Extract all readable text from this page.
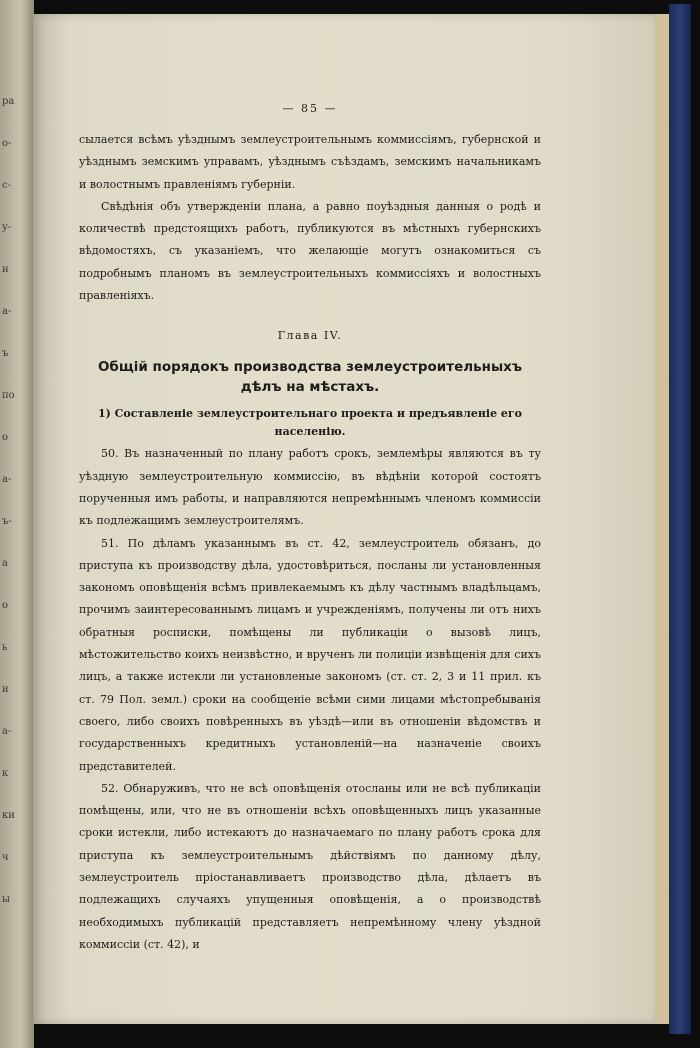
ра
о-
с-
у-
н
а-
ъ
по
о
а-
ъ-
а
о
ь
и
а-
к
ки
ч
ы
— 85 —

сылается всѣмъ уѣзднымъ землеустроительнымъ коммиссіямъ, губернской и уѣзднымъ земскимъ управамъ, уѣзднымъ съѣздамъ, земскимъ начальникамъ и волостнымъ правленіямъ губерніи.

Свѣдѣнія объ утвержденіи плана, а равно поуѣздныя данныя о родѣ и количествѣ предстоящихъ работъ, публикуются въ мѣстныхъ губернскихъ вѣдомостяхъ, съ указаніемъ, что желающіе могутъ ознакомиться съ подробнымъ планомъ въ землеустроительныхъ коммиссіяхъ и волостныхъ правленіяхъ.

Глава IV.
Общій порядокъ производства землеустроительныхъ дѣлъ на мѣстахъ.
1) Составленіе землеустроительнаго проекта и предъявленіе его населенію.

50. Въ назначенный по плану работъ срокъ, землемѣры являются въ ту уѣздную землеустроительную коммиссію, въ вѣдѣніи которой состоятъ порученныя имъ работы, и направляются непремѣннымъ членомъ коммиссіи къ подлежащимъ землеустроителямъ.

51. По дѣламъ указаннымъ въ ст. 42, землеустроитель обязанъ, до приступа къ производству дѣла, удостовѣриться, посланы ли установленныя закономъ оповѣщенія всѣмъ привлекаемымъ къ дѣлу частнымъ владѣльцамъ, прочимъ заинтересованнымъ лицамъ и учрежденіямъ, получены ли отъ нихъ обратныя росписки, помѣщены ли публикаціи о вызовѣ лицъ, мѣстожительство коихъ неизвѣстно, и врученъ ли полиціи извѣщенія для сихъ лицъ, а также истекли ли установленые закономъ (ст. ст. 2, 3 и 11 прил. къ ст. 79 Пол. земл.) сроки на сообщеніе всѣми сими лицами мѣстопребыванія своего, либо своихъ повѣренныхъ въ уѣздѣ—или въ отношеніи вѣдомствъ и государственныхъ кредитныхъ установленій—на назначеніе своихъ представителей.

52. Обнаруживъ, что не всѣ оповѣщенія отосланы или не всѣ публикаціи помѣщены, или, что не въ отношеніи всѣхъ оповѣщенныхъ лицъ указанные сроки истекли, либо истекаютъ до назначаемаго по плану работъ срока для приступа къ землеустроительнымъ дѣйствіямъ по данному дѣлу, землеустроитель пріостанавливаетъ производство дѣла, дѣлаетъ въ подлежащихъ случаяхъ упущенныя оповѣщенія, а о производствѣ необходимыхъ публикацій представляетъ непремѣнному члену уѣздной коммиссіи (ст. 42), и
